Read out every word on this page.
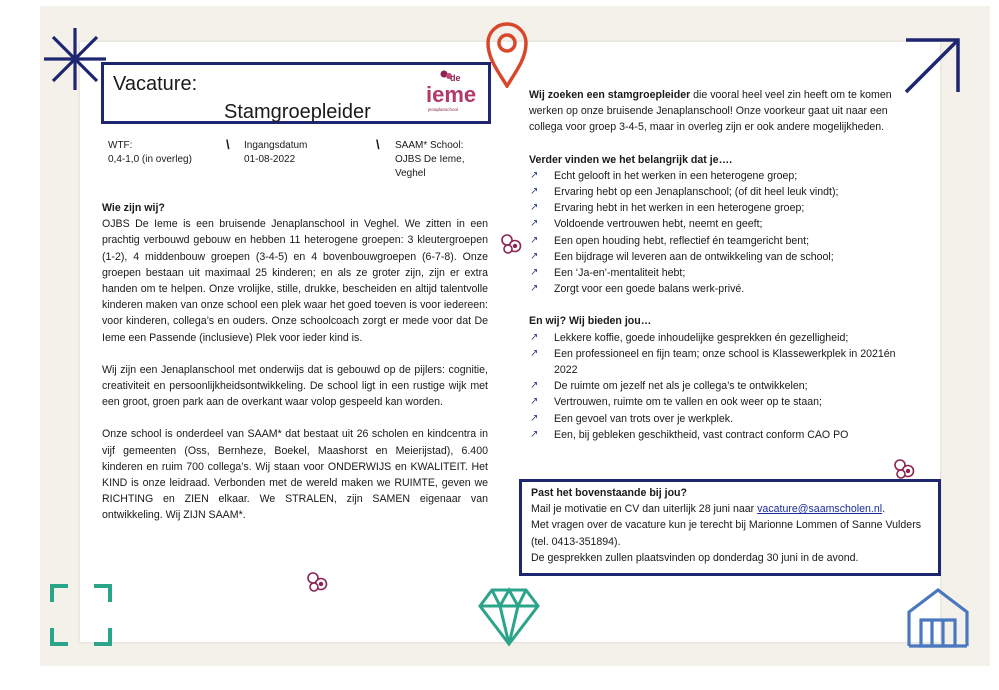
Vacature:
Stamgroepleider
de
ieme
jenaplanschool
WTF:
0,4-1,0 (in overleg)
\ Ingangsdatum
01-08-2022
\ SAAM* School:
OJBS De Ieme,
Veghel
Wie zijn wij?

OJBS De Ieme is een bruisende Jenaplanschool in Veghel. We zitten in een prachtig verbouwd gebouw en hebben 11 heterogene groepen: 3 kleutergroepen (1-2), 4 middenbouw groepen (3-4-5) en 4 bovenbouwgroepen (6-7-8). Onze groepen bestaan uit maximaal 25 kinderen; en als ze groter zijn, zijn er extra handen om te helpen. Onze vrolijke, stille, drukke, bescheiden en altijd talentvolle kinderen maken van onze school een plek waar het goed toeven is voor iedereen: voor kinderen, collega’s en ouders. Onze schoolcoach zorgt er mede voor dat De Ieme een Passende (inclusieve) Plek voor ieder kind is.

Wij zijn een Jenaplanschool met onderwijs dat is gebouwd op de pijlers: cognitie, creativiteit en persoonlijkheidsontwikkeling. De school ligt in een rustige wijk met een groot, groen park aan de overkant waar volop gespeeld kan worden.

Onze school is onderdeel van SAAM* dat bestaat uit 26 scholen en kindcentra in vijf gemeenten (Oss, Bernheze, Boekel, Maashorst en Meierijstad), 6.400 kinderen en ruim 700 collega’s. Wij staan voor ONDERWIJS en KWALITEIT. Het KIND is onze leidraad. Verbonden met de wereld maken we RUIMTE, geven we RICHTING en ZIEN elkaar. We STRALEN, zijn SAMEN eigenaar van ontwikkeling. Wij ZIJN SAAM*.

Wij zoeken een stamgroepleider die vooral heel veel zin heeft om te komen werken op onze bruisende Jenaplanschool! Onze voorkeur gaat uit naar een collega voor groep 3-4-5, maar in overleg zijn er ook andere mogelijkheden.

Verder vinden we het belangrijk dat je….
↗ Echt gelooft in het werken in een heterogene groep;
↗ Ervaring hebt op een Jenaplanschool; (of dit heel leuk vindt);
↗ Ervaring hebt in het werken in een heterogene groep;
↗ Voldoende vertrouwen hebt, neemt en geeft;
↗ Een open houding hebt, reflectief én teamgericht bent;
↗ Een bijdrage wil leveren aan de ontwikkeling van de school;
↗ Een ‘Ja-en’-mentaliteit hebt;
↗ Zorgt voor een goede balans werk-privé.
En wij? Wij bieden jou…
↗ Lekkere koffie, goede inhoudelijke gesprekken én gezelligheid;
↗ Een professioneel en fijn team; onze school is Klassewerkplek in 2021én 2022
↗ De ruimte om jezelf net als je collega’s te ontwikkelen;
↗ Vertrouwen, ruimte om te vallen en ook weer op te staan;
↗ Een gevoel van trots over je werkplek.
↗ Een, bij gebleken geschiktheid, vast contract conform CAO PO
Past het bovenstaande bij jou?

Mail je motivatie en CV dan uiterlijk 28 juni naar vacature@saamscholen.nl.

Met vragen over de vacature kun je terecht bij Marionne Lommen of Sanne Vulders (tel. 0413-351894).

De gesprekken zullen plaatsvinden op donderdag 30 juni in de avond.
